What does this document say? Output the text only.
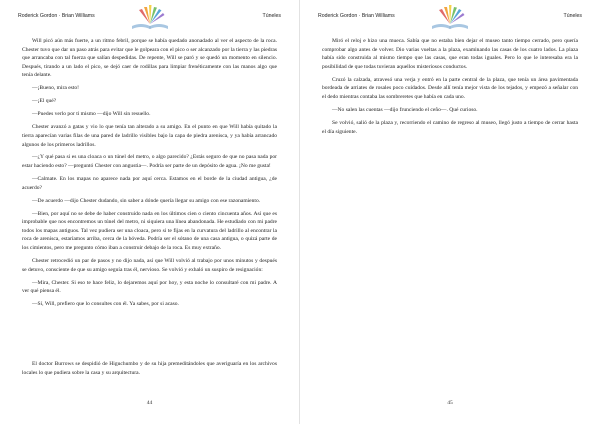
Roderick Gordon · Brian Williams	Túneles

Will picó aún más fuerte, a un ritmo febril, porque se había quedado anonadado al ver el aspecto de la roca. Chester tuvo que dar un paso atrás para evitar que le golpeara con el pico o ser alcanzado por la tierra y las piedras que arrancaba con tal fuerza que salían despedidas. De repente, Will se paró y se quedó un momento en silencio. Después, tirando a un lado el pico, se dejó caer de rodillas para limpiar frenéticamente con las manos algo que tenía delante.

—¡Bueno, mira esto!

—¡El qué?

—Puedes verlo por ti mismo —dijo Will sin resuello.

Chester avanzó a gatas y vio lo que tenía tan alterado a su amigo. En el punto en que Will había quitado la tierra aparecían varias filas de una pared de ladrillo visibles bajo la capa de piedra arenisca, y ya había arrancado algunos de los primeros ladrillos.

—¿Y qué pasa si es una cloaca o un túnel del metro, o algo parecido? ¿Estás seguro de que no pasa nada por estar haciendo esto? —preguntó Chester con angustia—. Podría ser parte de un depósito de agua. ¡No me gusta!

—Calmate. En los mapas no aparece nada por aquí cerca. Estamos en el borde de la ciudad antigua, ¿de acuerdo?

—De acuerdo —dijo Chester dudando, sin saber a dónde quería llegar su amigo con ese razonamiento.

—Bien, por aquí no se debe de haber construido nada en los últimos cien o ciento cincuenta años. Así que es improbable que nos encontremos un túnel del metro, ni siquiera una línea abandonada. He estudiado con mi padre todos los mapas antiguos. Tal vez pudiera ser una cloaca, pero si te fijas en la curvatura del ladrillo al encontrar la roca de arenisca, estaríamos arriba, cerca de la bóveda. Podría ser el sótano de una casa antigua, o quizá parte de los cimientos, pero me pregunto cómo iban a construir debajo de la roca. Es muy extraño.

Chester retrocedió un par de pasos y no dijo nada, así que Will volvió al trabajo por unos minutos y después se detuvo, consciente de que su amigo seguía tras él, nervioso. Se volvió y exhaló un suspiro de resignación:

—Mira, Chester. Si eso te hace feliz, lo dejaremos aquí por hoy, y esta noche lo consultaré con mi padre. A ver qué piensa él.

—Sí, Will, prefiero que lo consultes con él. Ya sabes, por si acaso.

El doctor Burrows se despidió de Higuchumbo y de su hija premeditándoles que averiguaría en los archivos locales lo que pudiera sobre la casa y su arquitectura.

44
Roderick Gordon · Brian Williams	Túneles

Miró el reloj e hizo una mueca. Sabía que no estaba bien dejar el museo tanto tiempo cerrado, pero quería comprobar algo antes de volver. Dio varias vueltas a la plaza, examinando las casas de los cuatro lados. La plaza había sido construida al mismo tiempo que las casas, que eran todas iguales. Pero lo que le interesaba era la posibilidad de que todas tuvieran aquellos misteriosos conductos.

Cruzó la calzada, atravesó una verja y entró en la parte central de la plaza, que tenía un área pavimentada bordeada de arriates de rosales poco cuidados. Desde allí tenía mejor vista de los tejados, y empezó a señalar con el dedo mientras contaba las sombreretes que había en cada uno.

—No salen las cuentas —dijo frunciendo el ceño—. Qué curioso.

Se volvió, salió de la plaza y, recorriendo el camino de regreso al museo, llegó justo a tiempo de cerrar hasta el día siguiente.

45
